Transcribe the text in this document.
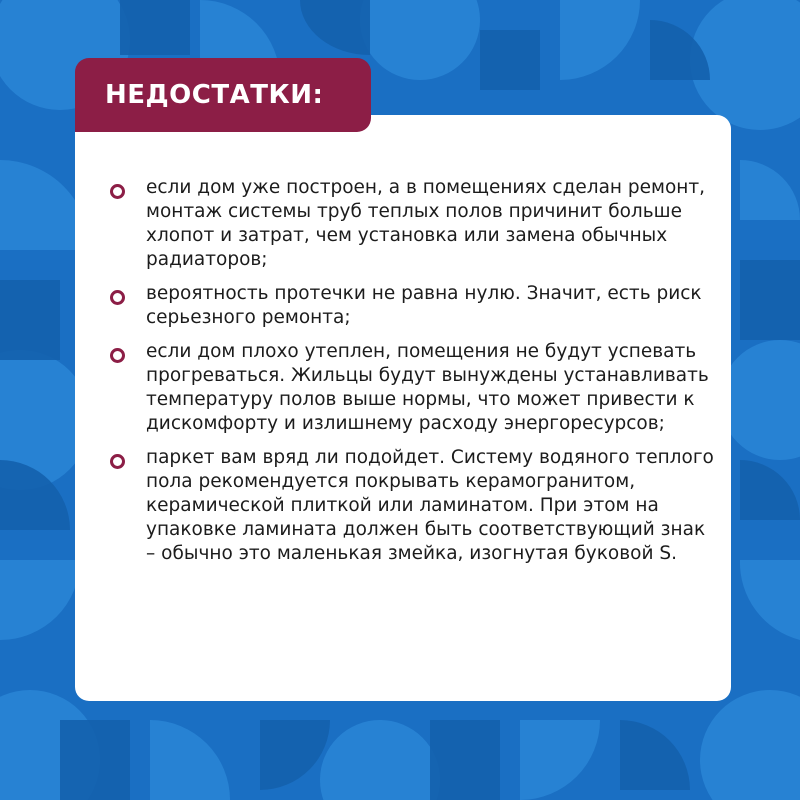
НЕДОСТАТКИ:
если дом уже построен, а в помещениях сделан ремонт, монтаж системы труб теплых полов причинит больше хлопот и затрат, чем установка или замена обычных радиаторов;
вероятность протечки не равна нулю. Значит, есть риск серьезного ремонта;
если дом плохо утеплен, помещения не будут успевать прогреваться. Жильцы будут вынуждены устанавливать температуру полов выше нормы, что может привести к дискомфорту и излишнему расходу энергоресурсов;
паркет вам вряд ли подойдет. Систему водяного теплого пола рекомендуется покрывать керамогранитом, керамической плиткой или ламинатом. При этом на упаковке ламината должен быть соответствующий знак – обычно это маленькая змейка, изогнутая буковой S.
